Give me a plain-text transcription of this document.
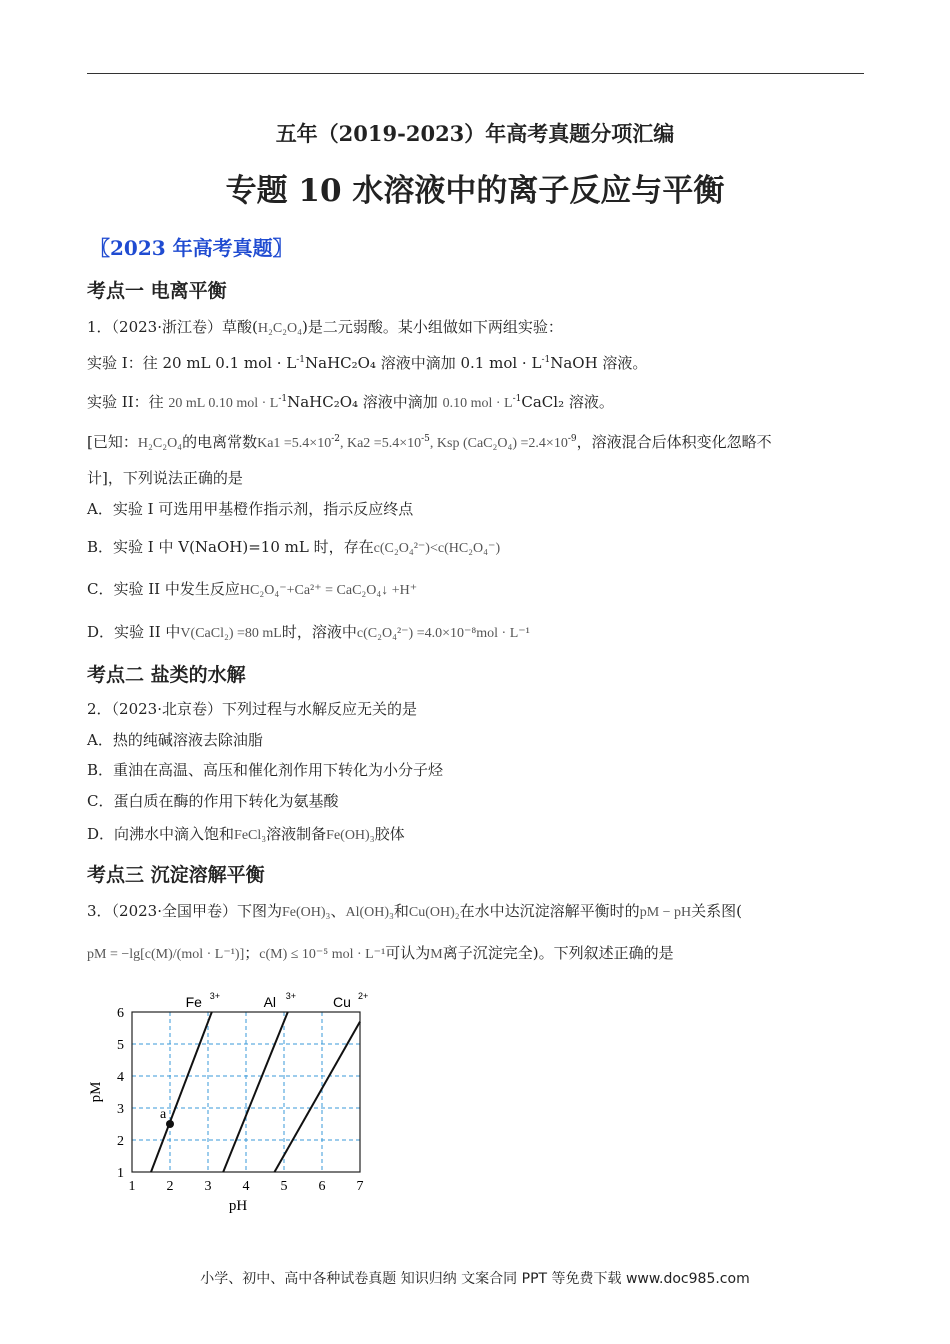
五年（2019-2023）年高考真题分项汇编
专题 10 水溶液中的离子反应与平衡
〖2023 年高考真题〗
考点一 电离平衡
1．（2023·浙江卷）草酸(H₂C₂O₄)是二元弱酸。某小组做如下两组实验：
实验 I：往 20 mL 0.1 mol · $L^{-1}NaHC_2O_4$ 溶液中滴加 0.1 mol · $L^{-1}NaOH$ 溶液。
实验 II：往 20 mL 0.10 mol · $L^{-1}NaHC_2O_4$ 溶液中滴加 0.10 mol · $L^{-1}CaCl_2$ 溶液。
[已知：H₂C₂O₄的电离常数$Ka1 =5.4\times 10^{-2}$, $Ka2 =5.4\times 10^{-5}$, Ksp $(CaC_2O_4) =2.4\times 10^{-9}$，溶液混合后体积变化忽略不
计]，下列说法正确的是
A．实验 I 可选用甲基橙作指示剂，指示反应终点
B．实验 I 中 V(NaOH)=10 mL 时，存在c(C₂O₄²⁻)<c(HC₂O₄⁻)
C．实验 II 中发生反应HC₂O₄⁻+Ca²⁺ = CaC₂O₄↓ +H⁺
D．实验 II 中V(CaCl₂) =80 mL时，溶液中c(C₂O₄²⁻) =4.0×10⁻⁸mol · L⁻¹
考点二 盐类的水解
2．（2023·北京卷）下列过程与水解反应无关的是
A．热的纯碱溶液去除油脂
B．重油在高温、高压和催化剂作用下转化为小分子烃
C．蛋白质在酶的作用下转化为氨基酸
D．向沸水中滴入饱和FeCl₃溶液制备Fe(OH)₃胶体
考点三 沉淀溶解平衡
3．（2023·全国甲卷）下图为Fe(OH)₃、Al(OH)₃和Cu(OH)₂在水中达沉淀溶解平衡时的pM − pH关系图(
pM = −lg[c(M)/(mol · L⁻¹)]；c(M) ≤ 10⁻⁵ mol · L⁻¹可认为M离子沉淀完全)。下列叙述正确的是
1 2 3 4 5 6 7
1
2
3
4
5
6
pH
pM
Fe 3+	Al 3+	Cu 2+
a
小学、初中、高中各种试卷真题 知识归纳 文案合同 PPT 等免费下载 www.doc985.com
